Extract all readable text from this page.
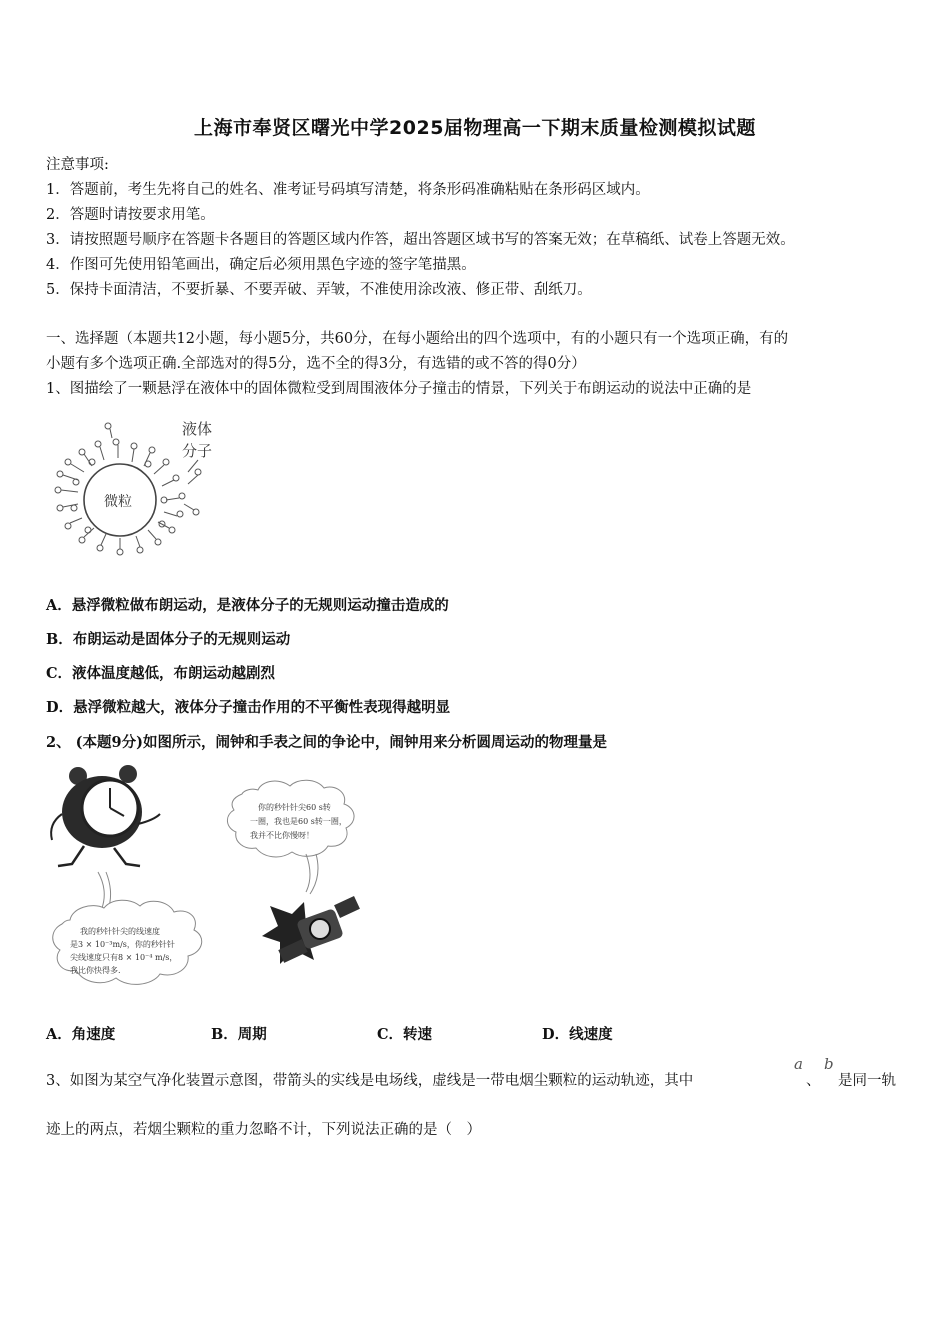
上海市奉贤区曙光中学2025届物理高一下期末质量检测模拟试题
注意事项:
1．答题前，考生先将自己的姓名、准考证号码填写清楚，将条形码准确粘贴在条形码区域内。
2．答题时请按要求用笔。
3．请按照题号顺序在答题卡各题目的答题区域内作答，超出答题区域书写的答案无效；在草稿纸、试卷上答题无效。
4．作图可先使用铅笔画出，确定后必须用黑色字迹的签字笔描黑。
5．保持卡面清洁，不要折暴、不要弄破、弄皱，不准使用涂改液、修正带、刮纸刀。
一、选择题（本题共12小题，每小题5分，共60分，在每小题给出的四个选项中，有的小题只有一个选项正确，有的
小题有多个选项正确.全部选对的得5分，选不全的得3分，有选错的或不答的得0分）
1、图描绘了一颗悬浮在液体中的固体微粒受到周围液体分子撞击的情景，下列关于布朗运动的说法中正确的是
微粒
液体
分子
A．悬浮微粒做布朗运动，是液体分子的无规则运动撞击造成的
B．布朗运动是固体分子的无规则运动
C．液体温度越低，布朗运动越剧烈
D．悬浮微粒越大，液体分子撞击作用的不平衡性表现得越明显
2、 (本题9分)如图所示，闹钟和手表之间的争论中，闹钟用来分析圆周运动的物理量是
你的秒针针尖60 s转
一圈，我也是60 s转一圈，
我并不比你慢呀！
我的秒针针尖的线速度
是3 × 10⁻³m/s，你的秒针针
尖线速度只有8 × 10⁻⁴ m/s，
我比你快得多.
A．角速度	B．周期	C．转速	D．线速度
3、如图为某空气净化装置示意图，带箭头的实线是电场线，虚线是一带电烟尘颗粒的运动轨迹，其中
a
、
b
是同一轨
迹上的两点，若烟尘颗粒的重力忽略不计，下列说法正确的是（　）
